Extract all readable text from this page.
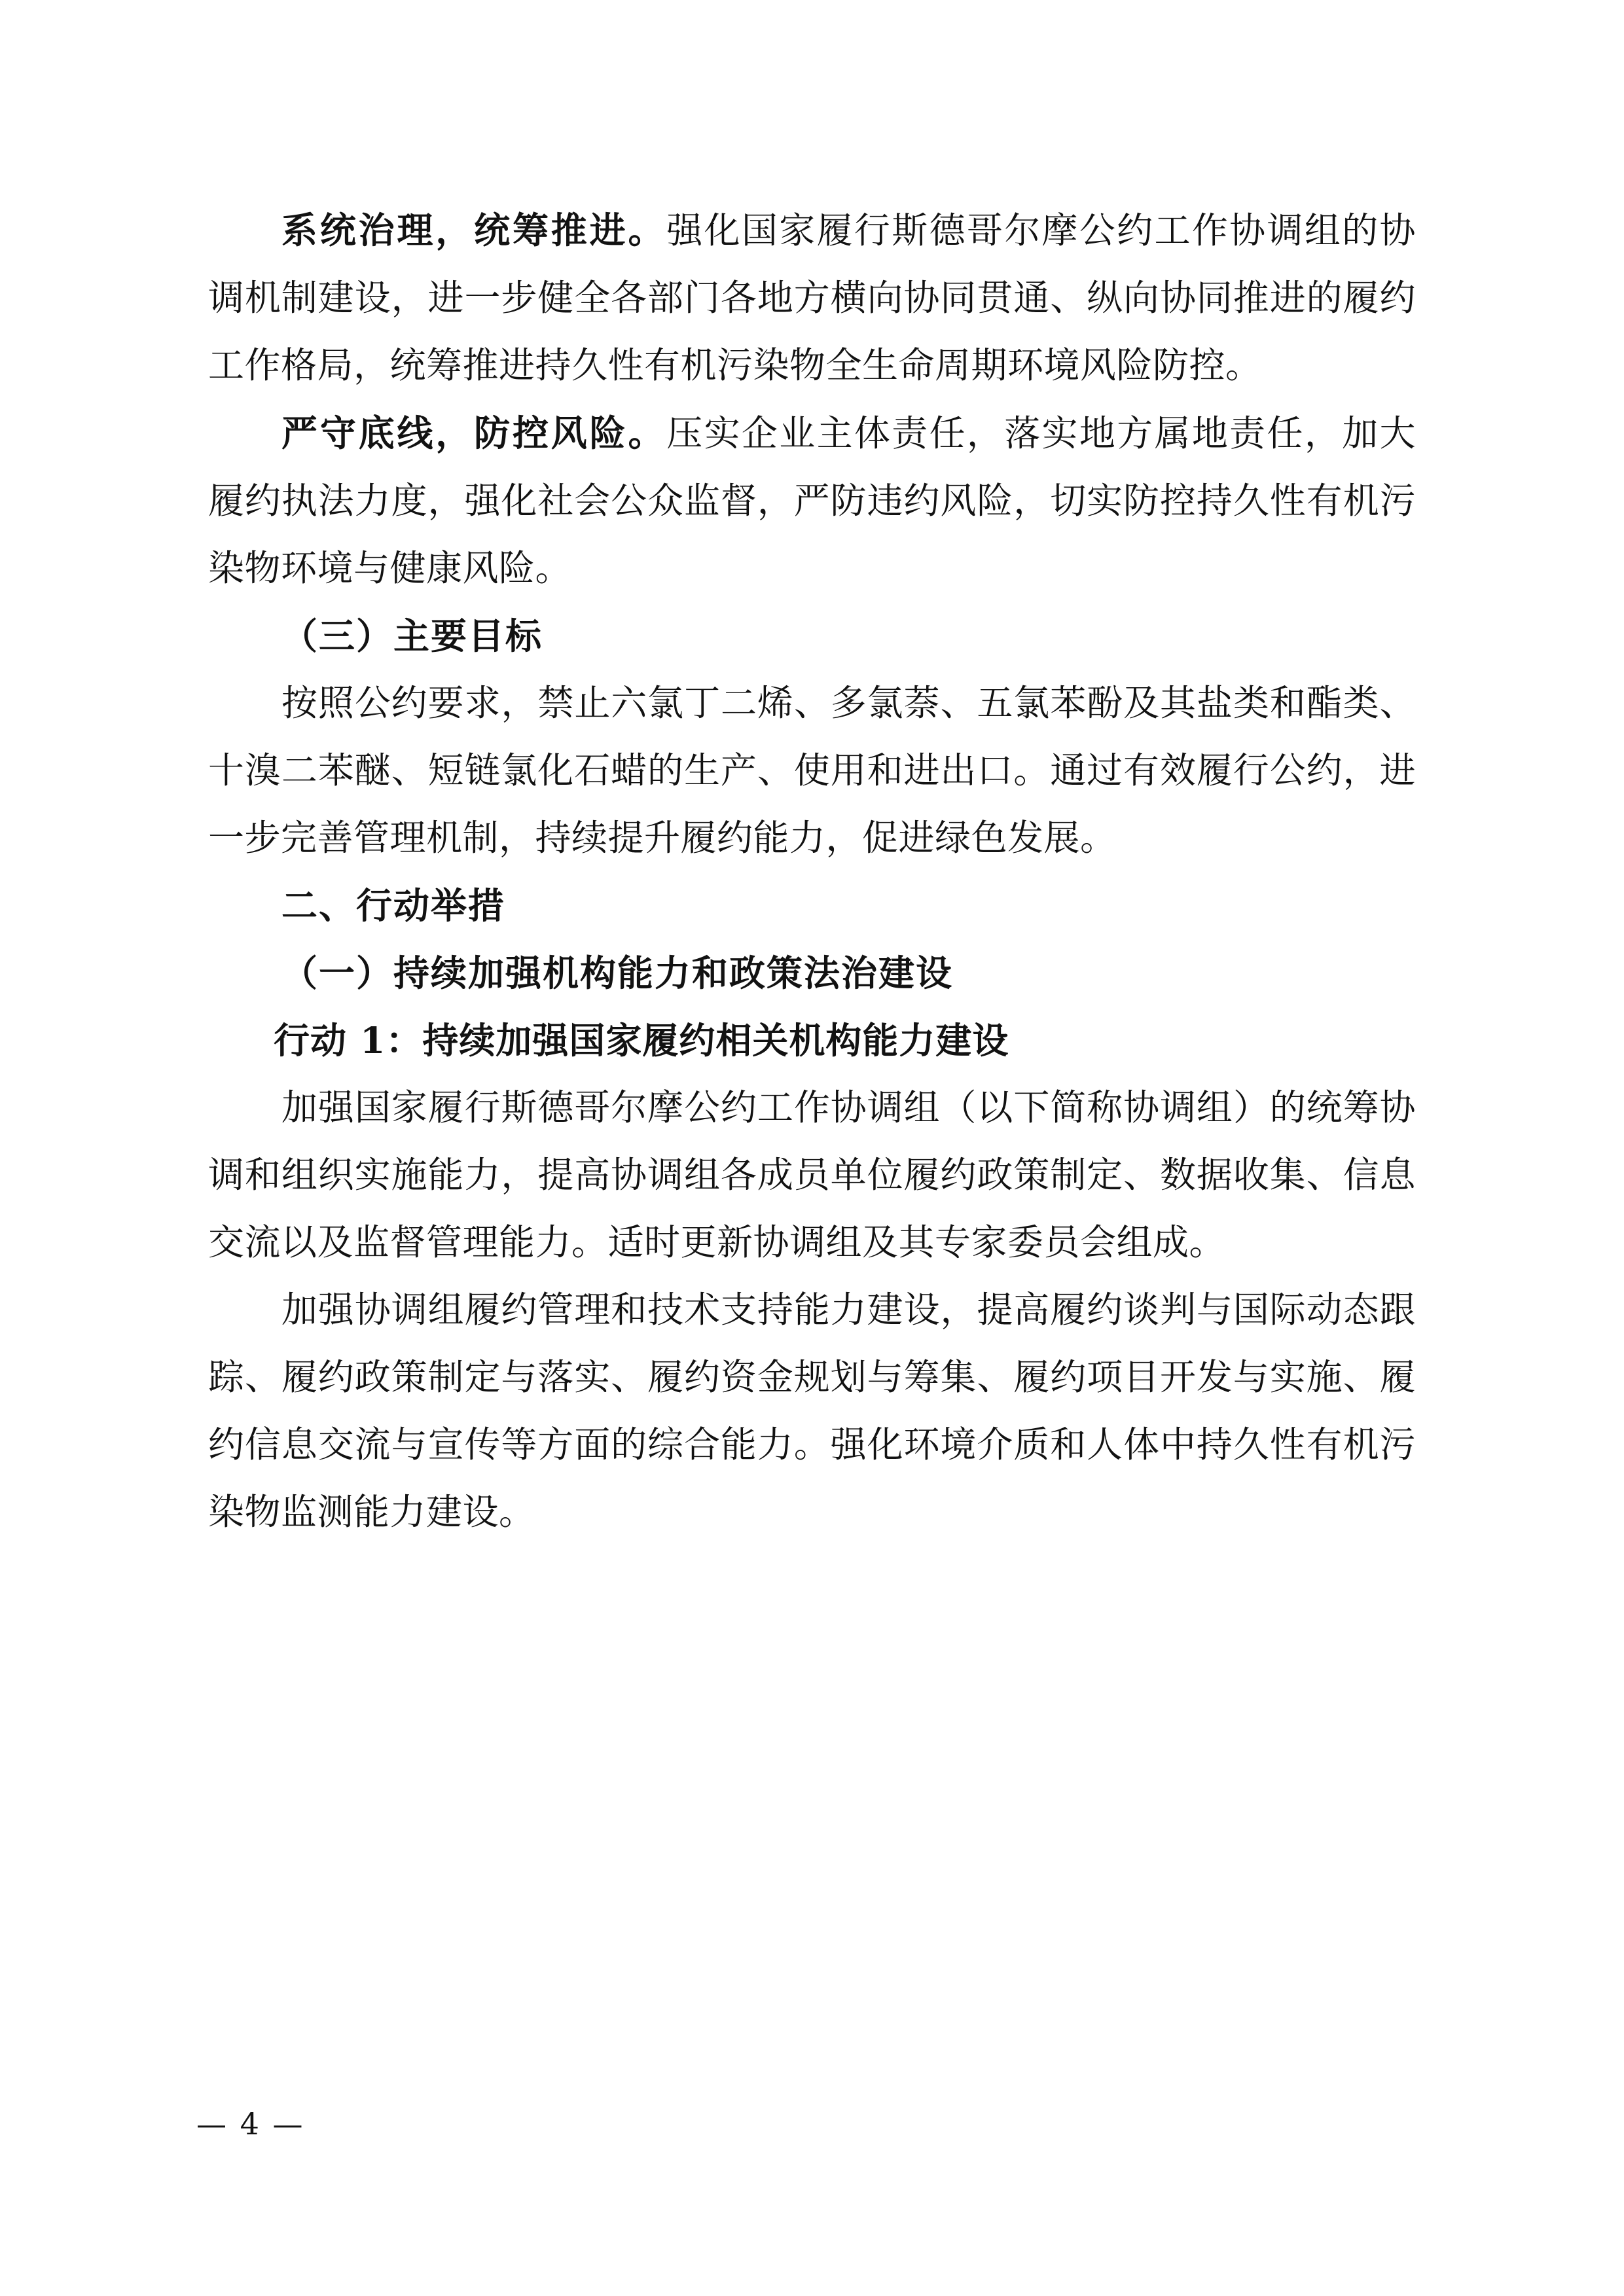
系统治理，统筹推进。强化国家履行斯德哥尔摩公约工作协调组的协调机制建设，进一步健全各部门各地方横向协同贯通、纵向协同推进的履约工作格局，统筹推进持久性有机污染物全生命周期环境风险防控。

严守底线，防控风险。压实企业主体责任，落实地方属地责任，加大履约执法力度，强化社会公众监督，严防违约风险，切实防控持久性有机污染物环境与健康风险。

（三）主要目标

按照公约要求，禁止六氯丁二烯、多氯萘、五氯苯酚及其盐类和酯类、十溴二苯醚、短链氯化石蜡的生产、使用和进出口。通过有效履行公约，进一步完善管理机制，持续提升履约能力，促进绿色发展。

二、行动举措
（一）持续加强机构能力和政策法治建设
行动 1：持续加强国家履约相关机构能力建设

加强国家履行斯德哥尔摩公约工作协调组（以下简称协调组）的统筹协调和组织实施能力，提高协调组各成员单位履约政策制定、数据收集、信息交流以及监督管理能力。适时更新协调组及其专家委员会组成。

加强协调组履约管理和技术支持能力建设，提高履约谈判与国际动态跟踪、履约政策制定与落实、履约资金规划与筹集、履约项目开发与实施、履约信息交流与宣传等方面的综合能力。强化环境介质和人体中持久性有机污染物监测能力建设。

— 4 —
